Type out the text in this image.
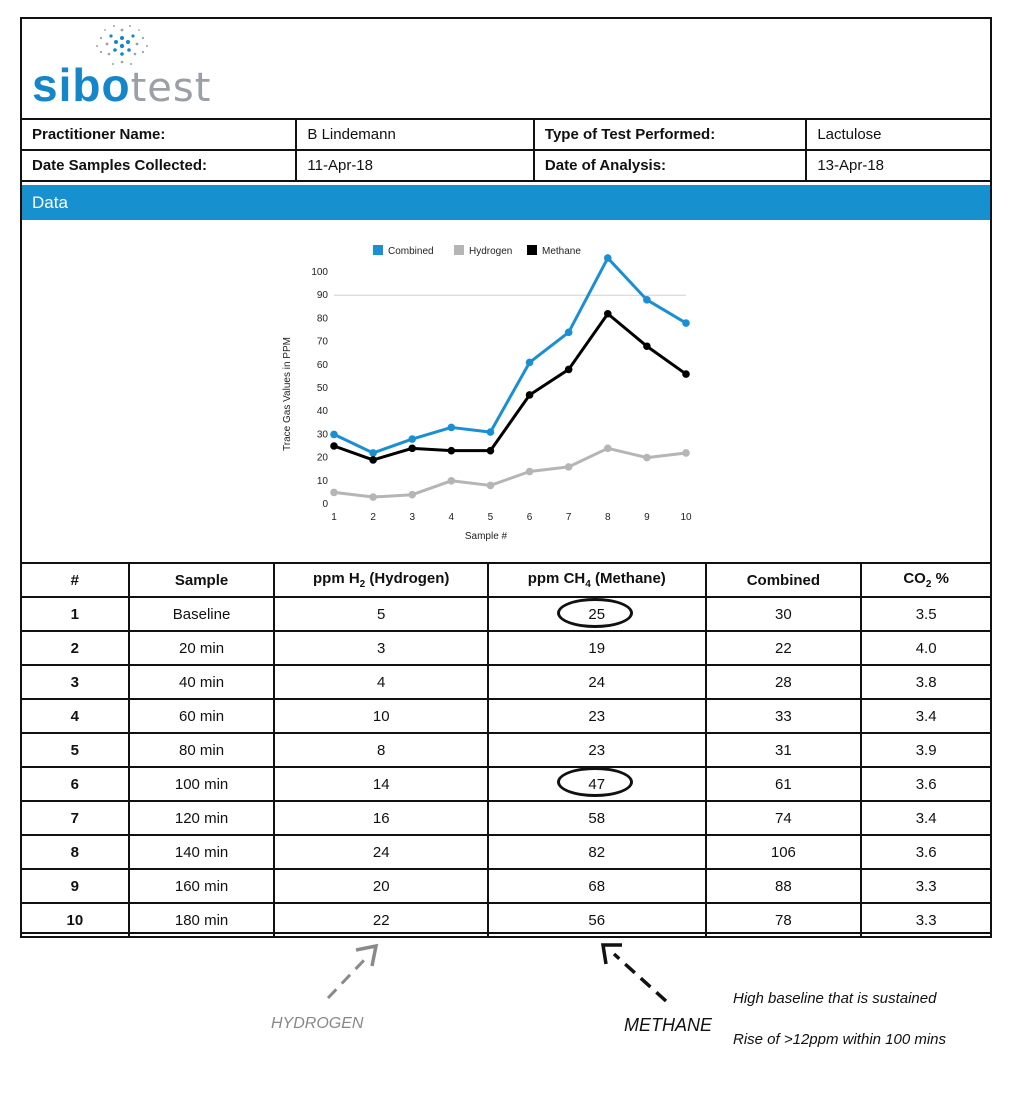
sibotest
Practitioner Name:	B Lindemann	Type of Test Performed:	Lactulose
Date Samples Collected:	11-Apr-18	Date of Analysis:	13-Apr-18
Data
Combined	Hydrogen	Methane
0
10
20
30
40
50
60
70
80
90
100
1	2	3	4	5	6	7	8	9	10
Trace Gas Values in PPM
Sample #
#	Sample	ppm $H_2$ (Hydrogen)	ppm $CH_4$ (Methane)	Combined	$CO_2$ %
1	Baseline	5	25	30	3.5
2	20 min	3	19	22	4.0
3	40 min	4	24	28	3.8
4	60 min	10	23	33	3.4
5	80 min	8	23	31	3.9
6	100 min	14	47	61	3.6
7	120 min	16	58	74	3.4
8	140 min	24	82	106	3.6
9	160 min	20	68	88	3.3
10	180 min	22	56	78	3.3
HYDROGEN	METHANE
High baseline that is sustained
Rise of >12ppm within 100 mins
